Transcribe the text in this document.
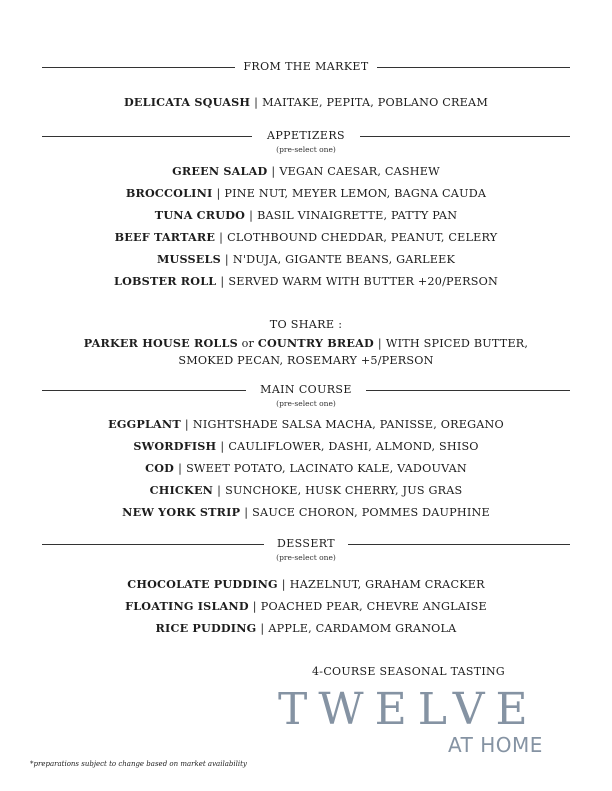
FROM THE MARKET
DELICATA SQUASH | MAITAKE, PEPITA, POBLANO CREAM
APPETIZERS
(pre-select one)
GREEN SALAD | VEGAN CAESAR, CASHEW
BROCCOLINI | PINE NUT, MEYER LEMON, BAGNA CAUDA
TUNA CRUDO | BASIL VINAIGRETTE, PATTY PAN
BEEF TARTARE | CLOTHBOUND CHEDDAR, PEANUT, CELERY
MUSSELS | N'DUJA, GIGANTE BEANS, GARLEEK
LOBSTER ROLL | SERVED WARM WITH BUTTER +20/PERSON
TO SHARE :
PARKER HOUSE ROLLS or COUNTRY BREAD | WITH SPICED BUTTER, SMOKED PECAN, ROSEMARY +5/PERSON
MAIN COURSE
(pre-select one)
EGGPLANT | NIGHTSHADE SALSA MACHA, PANISSE, OREGANO
SWORDFISH | CAULIFLOWER, DASHI, ALMOND, SHISO
COD | SWEET POTATO, LACINATO KALE, VADOUVAN
CHICKEN | SUNCHOKE, HUSK CHERRY, JUS GRAS
NEW YORK STRIP | SAUCE CHORON, POMMES DAUPHINE
DESSERT
(pre-select one)
CHOCOLATE PUDDING | HAZELNUT, GRAHAM CRACKER
FLOATING ISLAND | POACHED PEAR, CHEVRE ANGLAISE
RICE PUDDING | APPLE, CARDAMOM GRANOLA
4-COURSE SEASONAL TASTING
TWELVE
AT HOME
*preparations subject to change based on market availability
